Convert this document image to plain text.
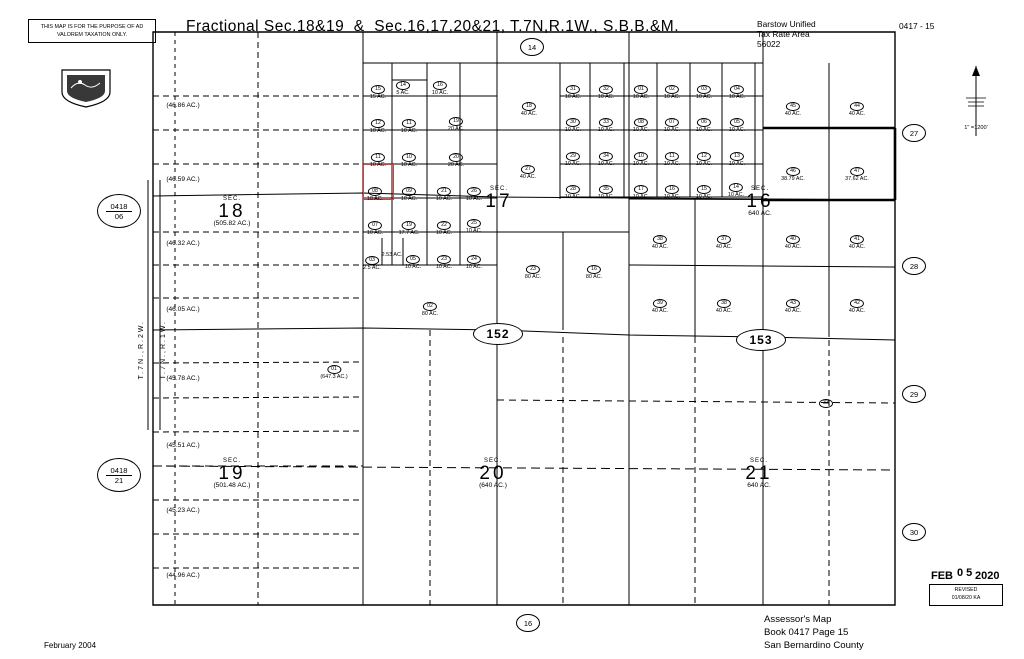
Fractional Sec.18&19  &  Sec.16,17,20&21, T.7N,R.1W., S.B.B.&M.	0417 - 15
Barstow Unified
Tax Rate Area
56022
THIS MAP IS FOR THE PURPOSE OF AD VALOREM TAXATION ONLY.
1" =1200'
T.7N.,R.2W. T.7N.,R.1W.
February 2004
FEB 0 5 2020
REVISED
01/08/20 KA
Assessor's Map
Book 0417 Page 15
San Bernardino County
15
15 AC.
14
5 AC.
16
10 AC.
12
10 AC.
11
10 AC.
19
20 AC.
11
10 AC.
10
10 AC.
20
20 AC.
08
10 AC.
09
10 AC.
21
10 AC.
26
10 AC.
07
10 AC.
19
17.7 AC.
22
10 AC.
25
10 AC.
03
2.5 AC.
2.53 AC.
05
10 AC.
23
10 AC.
24
10 AC.
02
80 AC.
01
(647.3 AC.)
18
40 AC.
27
40 AC.
23
80 AC.
16
80 AC.
31
10 AC.
32
10 AC.
01
10 AC.
02
10 AC.
03
10 AC.
04
10 AC.
30
10 AC.
33
10 AC.
08
10 AC.
07
10 AC.
06
10 AC.
05
10 AC.
29
10 AC.
34
10 AC.
10
10 AC.
11
10 AC.
12
10 AC.
13
10 AC.
28
10 AC.
35
10 AC.
17
10 AC.
16
10 AC.
15
10 AC.
14
10 AC.
45
40 AC.
44
40 AC.
46
38.79 AC.
47
37.62 AC.
38
40 AC.
37
40 AC.
40
40 AC.
41
40 AC.
39
40 AC.
38
40 AC.
43
40 AC.
42
40 AC.
33
SEC.
18
(505.82 AC.)
SEC.
17
SEC.
16
640 AC.
SEC.
19
(501.48 AC.)
SEC.
20
(640 AC.)
SEC.
21
640 AC.
14
27
28
29
30
16
152	153
0418
06
0418
21
(46.86 AC.)
(46.59 AC.)
(46.32 AC.)
(46.05 AC.)
(45.78 AC.)
(45.51 AC.)
(45.23 AC.)
(44.96 AC.)
